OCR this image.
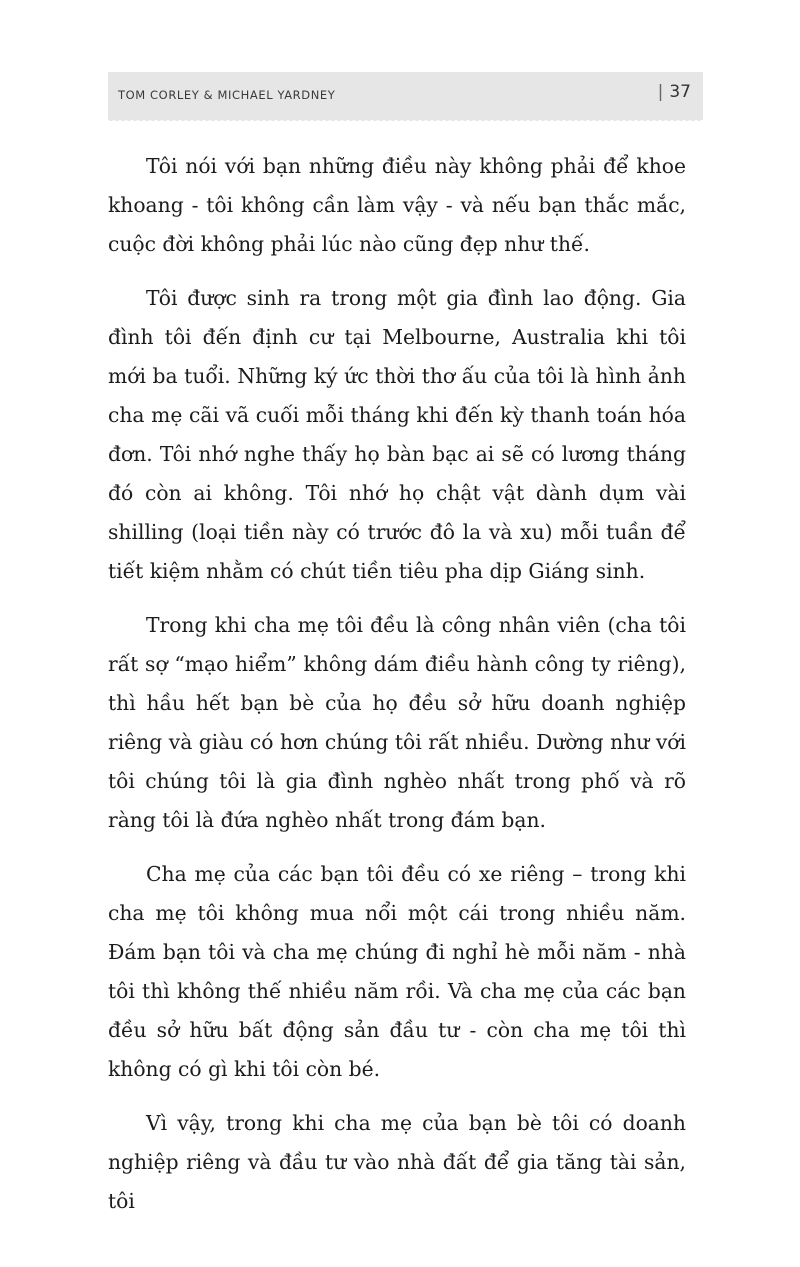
TOM CORLEY & MICHAEL YARDNEY	| 37

Tôi nói với bạn những điều này không phải để khoe khoang - tôi không cần làm vậy - và nếu bạn thắc mắc, cuộc đời không phải lúc nào cũng đẹp như thế.

Tôi được sinh ra trong một gia đình lao động. Gia đình tôi đến định cư tại Melbourne, Australia khi tôi mới ba tuổi. Những ký ức thời thơ ấu của tôi là hình ảnh cha mẹ cãi vã cuối mỗi tháng khi đến kỳ thanh toán hóa đơn. Tôi nhớ nghe thấy họ bàn bạc ai sẽ có lương tháng đó còn ai không. Tôi nhớ họ chật vật dành dụm vài shilling (loại tiền này có trước đô la và xu) mỗi tuần để tiết kiệm nhằm có chút tiền tiêu pha dịp Giáng sinh.

Trong khi cha mẹ tôi đều là công nhân viên (cha tôi rất sợ “mạo hiểm” không dám điều hành công ty riêng), thì hầu hết bạn bè của họ đều sở hữu doanh nghiệp riêng và giàu có hơn chúng tôi rất nhiều. Dường như với tôi chúng tôi là gia đình nghèo nhất trong phố và rõ ràng tôi là đứa nghèo nhất trong đám bạn.

Cha mẹ của các bạn tôi đều có xe riêng – trong khi cha mẹ tôi không mua nổi một cái trong nhiều năm. Đám bạn tôi và cha mẹ chúng đi nghỉ hè mỗi năm - nhà tôi thì không thế nhiều năm rồi. Và cha mẹ của các bạn đều sở hữu bất động sản đầu tư - còn cha mẹ tôi thì không có gì khi tôi còn bé.

Vì vậy, trong khi cha mẹ của bạn bè tôi có doanh nghiệp riêng và đầu tư vào nhà đất để gia tăng tài sản, tôi
